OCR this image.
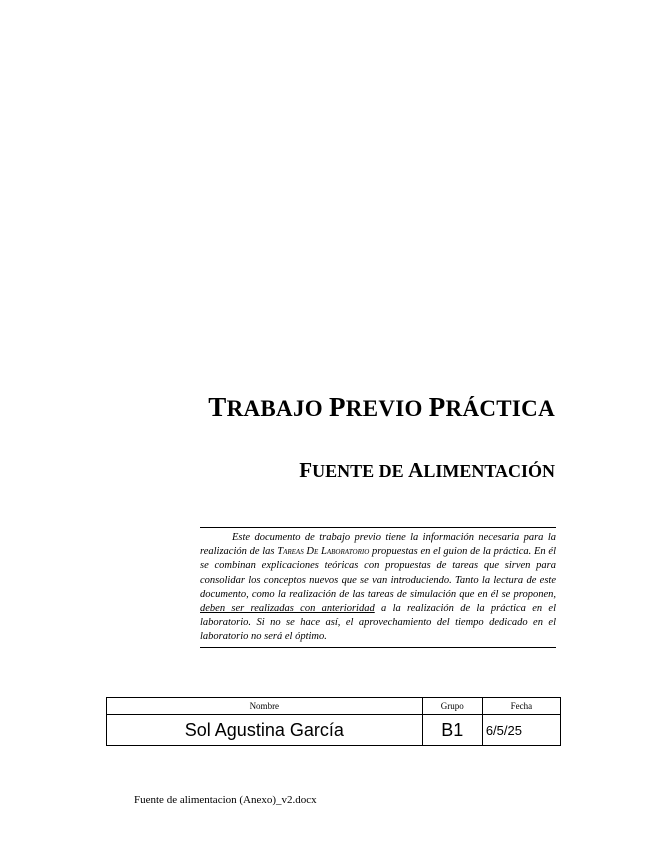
TRABAJO PREVIO PRÁCTICA
FUENTE DE ALIMENTACIÓN
Este documento de trabajo previo tiene la información necesaria para la realización de las Tareas De Laboratorio propuestas en el guion de la práctica. En él se combinan explicaciones teóricas con propuestas de tareas que sirven para consolidar los conceptos nuevos que se van introduciendo. Tanto la lectura de este documento, como la realización de las tareas de simulación que en él se proponen, deben ser realizadas con anterioridad a la realización de la práctica en el laboratorio. Si no se hace así, el aprovechamiento del tiempo dedicado en el laboratorio no será el óptimo.
Nombre	Grupo	Fecha
Sol Agustina García	B1	6/5/25
Fuente de alimentacion (Anexo)_v2.docx
